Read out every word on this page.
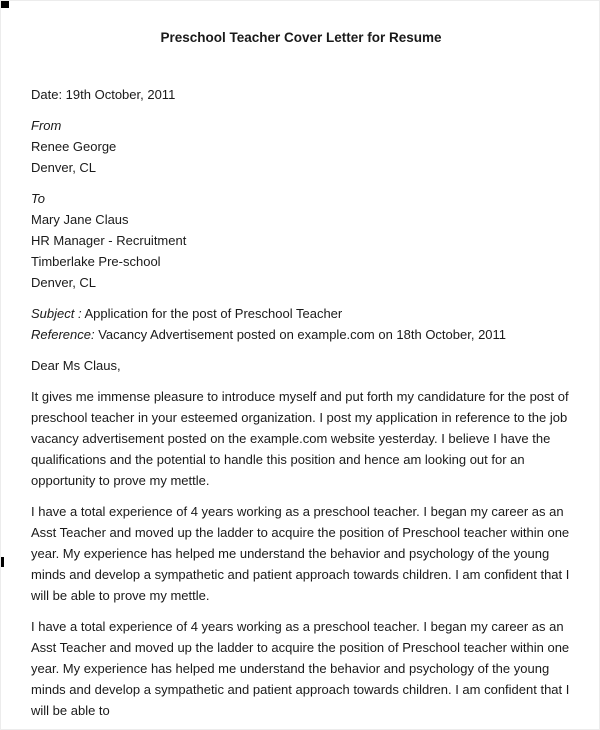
Preschool Teacher Cover Letter for Resume

Date: 19th October, 2011

From

Renee George

Denver, CL

To

Mary Jane Claus

HR Manager - Recruitment

Timberlake Pre-school

Denver, CL

Subject : Application for the post of Preschool Teacher

Reference: Vacancy Advertisement posted on example.com on 18th October, 2011

Dear Ms Claus,

It gives me immense pleasure to introduce myself and put forth my candidature for the post of preschool teacher in your esteemed organization. I post my application in reference to the job vacancy advertisement posted on the example.com website yesterday. I believe I have the qualifications and the potential to handle this position and hence am looking out for an opportunity to prove my mettle.

I have a total experience of 4 years working as a preschool teacher. I began my career as an Asst Teacher and moved up the ladder to acquire the position of Preschool teacher within one year. My experience has helped me understand the behavior and psychology of the young minds and develop a sympathetic and patient approach towards children. I am confident that I will be able to prove my mettle.

I have a total experience of 4 years working as a preschool teacher. I began my career as an Asst Teacher and moved up the ladder to acquire the position of Preschool teacher within one year. My experience has helped me understand the behavior and psychology of the young minds and develop a sympathetic and patient approach towards children. I am confident that I will be able to
